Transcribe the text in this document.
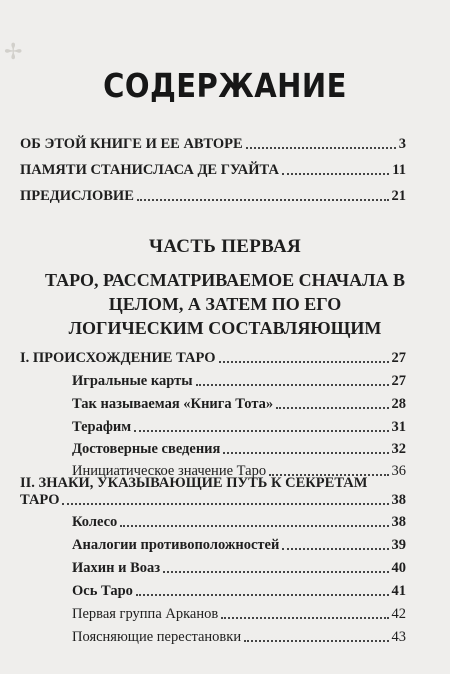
✢
СОДЕРЖАНИЕ
ОБ ЭТОЙ КНИГЕ И ЕЕ АВТОРЕ	3
ПАМЯТИ СТАНИСЛАСА ДЕ ГУАЙТА	11
ПРЕДИСЛОВИЕ	21
ЧАСТЬ ПЕРВАЯ
ТАРО, РАССМАТРИВАЕМОЕ СНАЧАЛА В ЦЕЛОМ, А ЗАТЕМ ПО ЕГО ЛОГИЧЕСКИМ СОСТАВЛЯЮЩИМ
I. ПРОИСХОЖДЕНИЕ ТАРО	27
Игральные карты	27
Так называемая «Книга Тота»	28
Терафим	31
Достоверные сведения	32
Инициатическое значение Таро	36
II. ЗНАКИ, УКАЗЫВАЮЩИЕ ПУТЬ К СЕКРЕТАМ
ТАРО	38
Колесо	38
Аналогии противоположностей	39
Иахин и Воаз	40
Ось Таро	41
Первая группа Арканов	42
Поясняющие перестановки	43
